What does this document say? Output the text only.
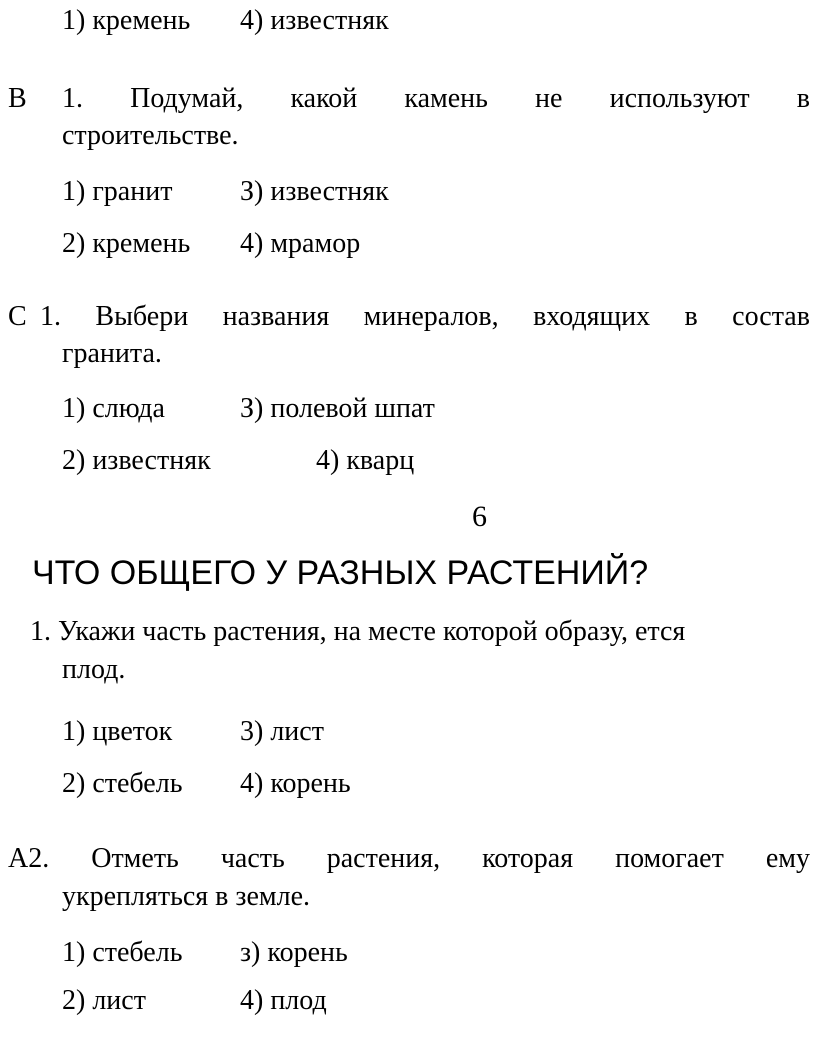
1) кремень 4) известняк
В 1. Подумай, какой камень не используют в
строительстве.
1) гранит З) известняк
2) кремень 4) мрамор
С 1. Выбери названия минералов, входящих в состав
гранита.
1) слюда	З) полевой шпат
2) известняк	4) кварц
6
ЧТО ОБЩЕГО У РАЗНЫХ РАСТЕНИЙ?
1. Укажи часть растения, на месте которой образу, ется
плод.
1) цветок 3) лист
2) стебель 4) корень
А2. Отметь часть растения, которая помогает ему
укрепляться в земле.
1) стебель з) корень
2) лист	4) плод
